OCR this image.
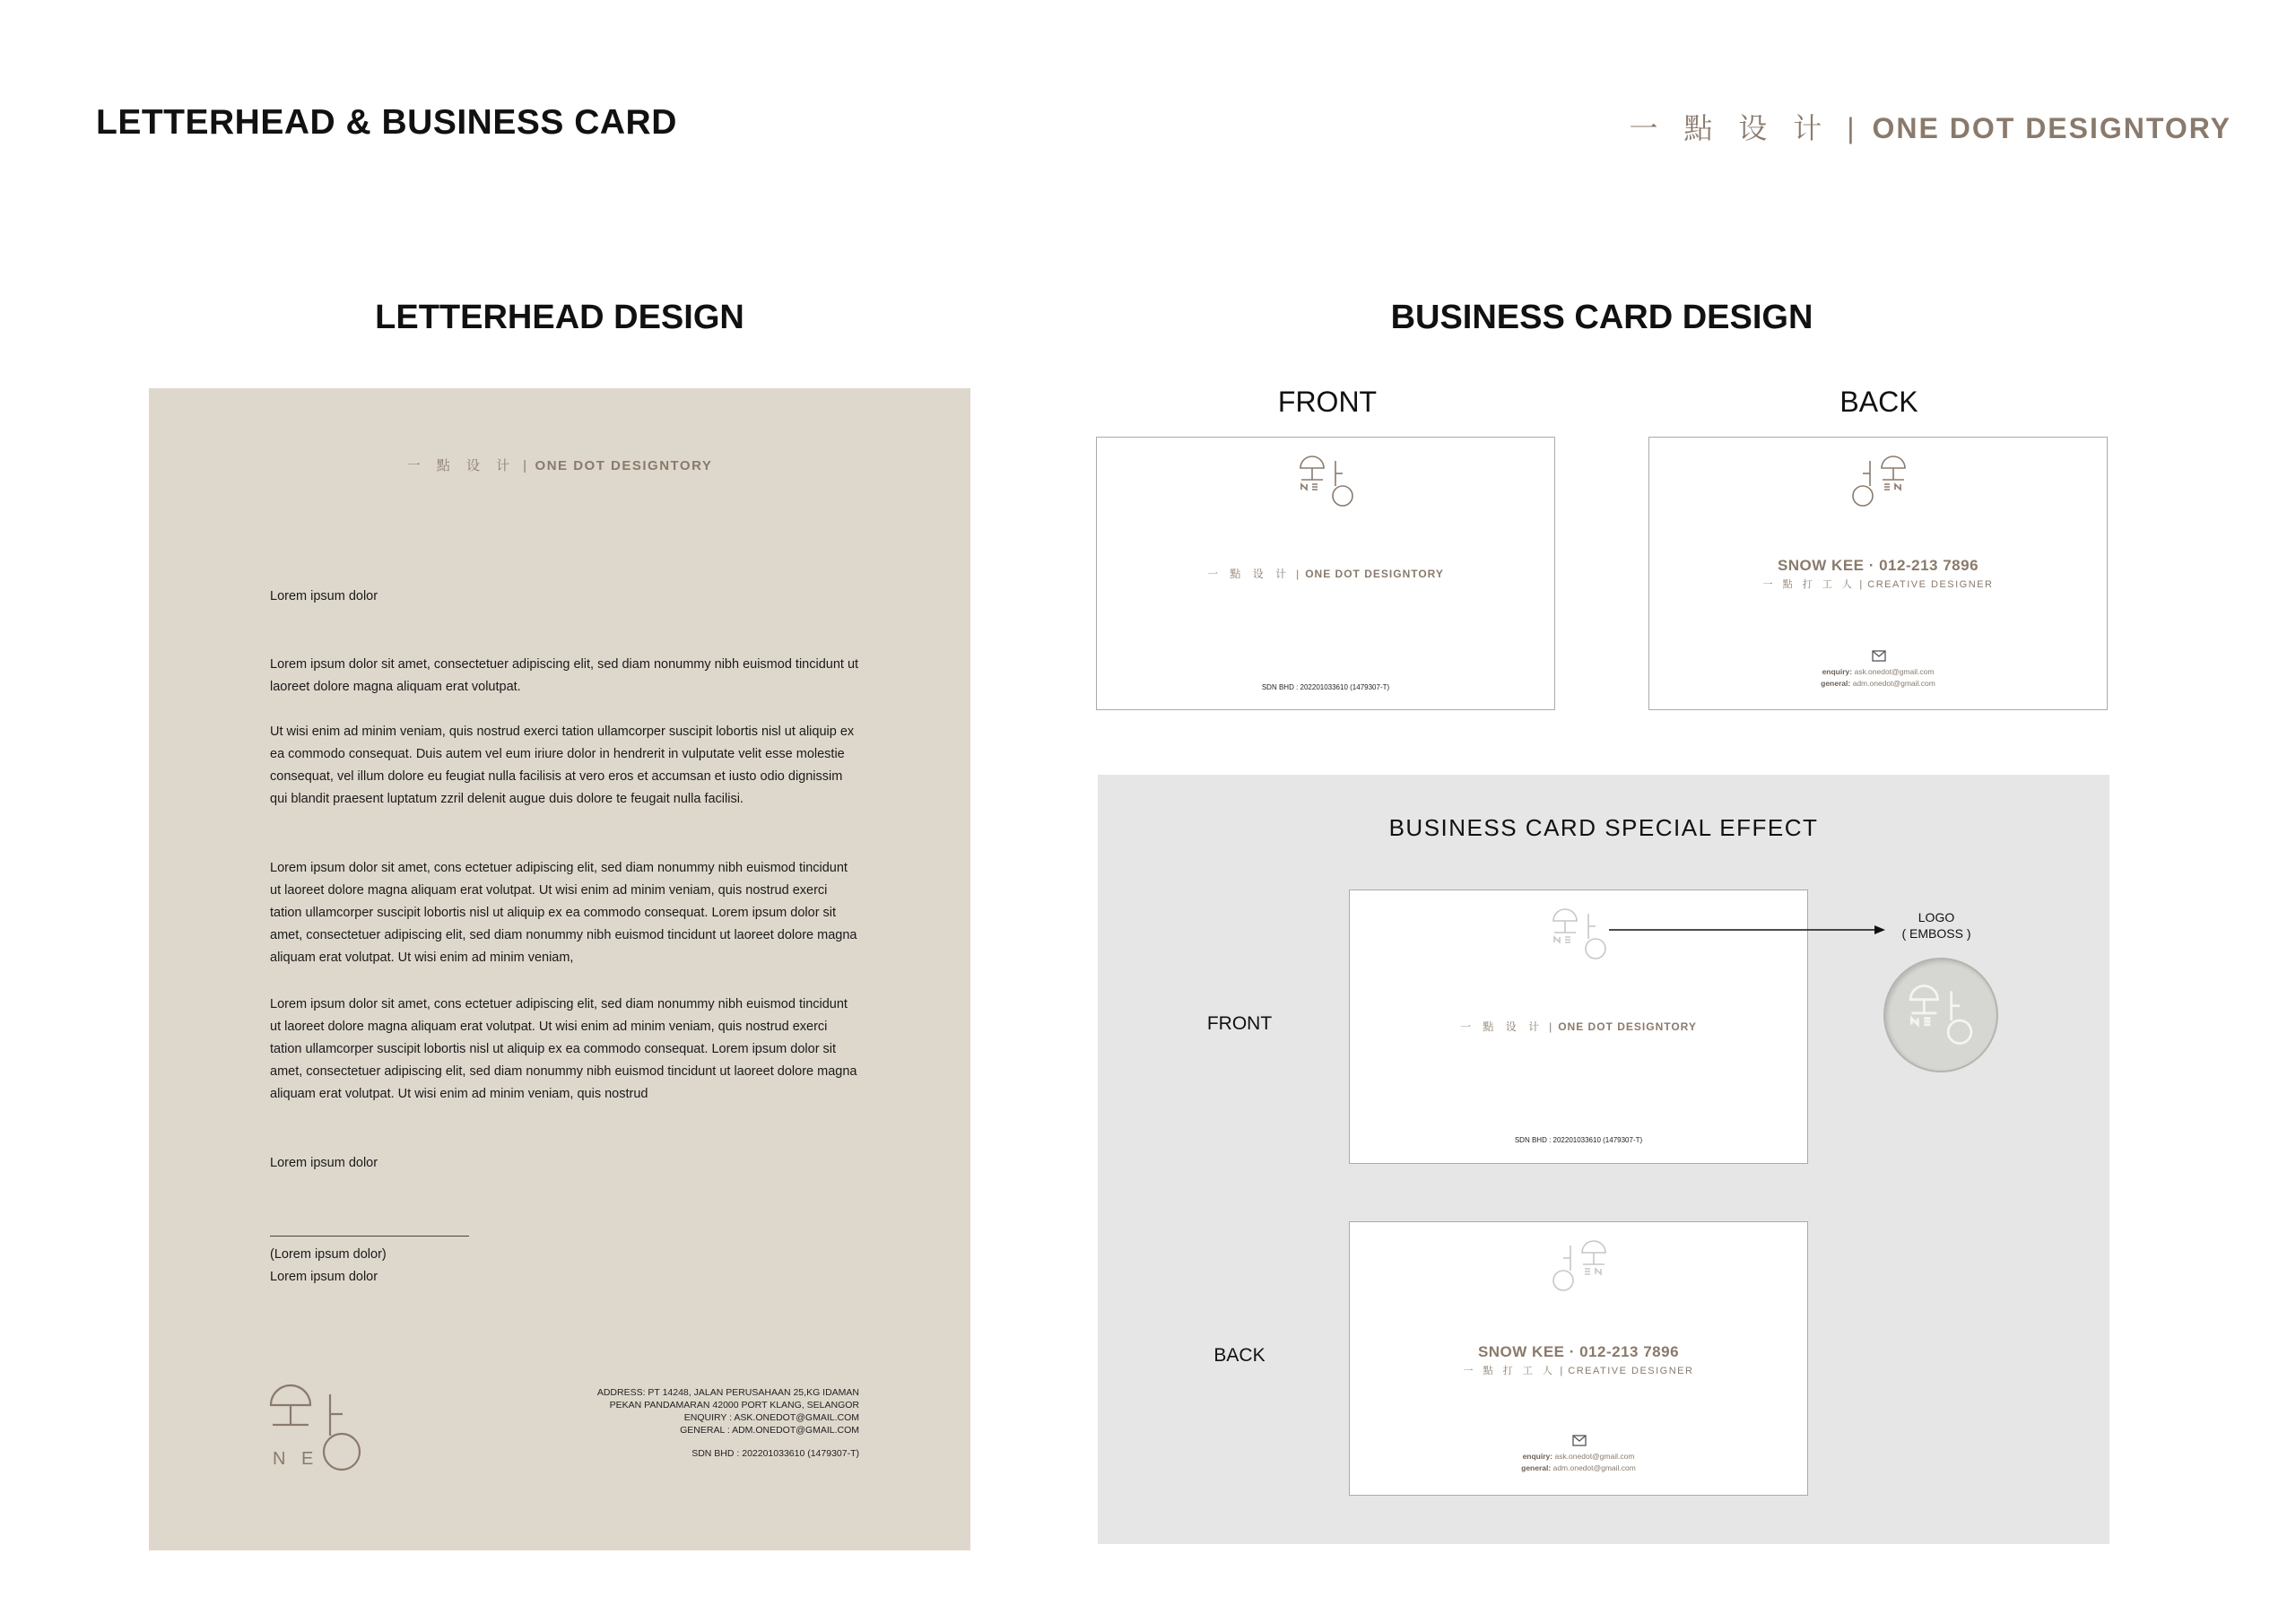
LETTERHEAD & BUSINESS CARD	一 點 设 计 | ONE DOT DESIGNTORY
LETTERHEAD DESIGN	BUSINESS CARD DESIGN
一 點 设 计 | ONE DOT DESIGNTORY
Lorem ipsum dolor
Lorem ipsum dolor sit amet, consectetuer adipiscing elit, sed diam nonummy nibh euismod tincidunt ut laoreet dolore magna aliquam erat volutpat.
Ut wisi enim ad minim veniam, quis nostrud exerci tation ullamcorper suscipit lobortis nisl ut aliquip ex ea commodo consequat. Duis autem vel eum iriure dolor in hendrerit in vulputate velit esse molestie consequat, vel illum dolore eu feugiat nulla facilisis at vero eros et accumsan et iusto odio dignissim qui blandit praesent luptatum zzril delenit augue duis dolore te feugait nulla facilisi.
Lorem ipsum dolor sit amet, cons ectetuer adipiscing elit, sed diam nonummy nibh euismod tincidunt ut laoreet dolore magna aliquam erat volutpat. Ut wisi enim ad minim veniam, quis nostrud exerci tation ullamcorper suscipit lobortis nisl ut aliquip ex ea commodo consequat. Lorem ipsum dolor sit amet, consectetuer adipiscing elit, sed diam nonummy nibh euismod tincidunt ut laoreet dolore magna aliquam erat volutpat. Ut wisi enim ad minim veniam,
Lorem ipsum dolor sit amet, cons ectetuer adipiscing elit, sed diam nonummy nibh euismod tincidunt ut laoreet dolore magna aliquam erat volutpat. Ut wisi enim ad minim veniam, quis nostrud exerci tation ullamcorper suscipit lobortis nisl ut aliquip ex ea commodo consequat. Lorem ipsum dolor sit amet, consectetuer adipiscing elit, sed diam nonummy nibh euismod tincidunt ut laoreet dolore magna aliquam erat volutpat. Ut wisi enim ad minim veniam, quis nostrud
Lorem ipsum dolor
(Lorem ipsum dolor)
Lorem ipsum dolor
N E
ADDRESS: PT 14248, JALAN PERUSAHAAN 25,KG IDAMAN
PEKAN PANDAMARAN 42000 PORT KLANG, SELANGOR
ENQUIRY : ASK.ONEDOT@GMAIL.COM
GENERAL : ADM.ONEDOT@GMAIL.COM
SDN BHD : 202201033610 (1479307-T)
FRONT	BACK
一 點 设 计 | ONE DOT DESIGNTORY
SDN BHD : 202201033610 (1479307-T)
SNOW KEE · 012-213 7896
一 點 打 工 人 | CREATIVE DESIGNER
enquiry: ask.onedot@gmail.com
general: adm.onedot@gmail.com
BUSINESS CARD SPECIAL EFFECT
FRONT
BACK
一 點 设 计 | ONE DOT DESIGNTORY
SDN BHD : 202201033610 (1479307-T)
LOGO
( EMBOSS )
SNOW KEE · 012-213 7896
一 點 打 工 人 | CREATIVE DESIGNER
enquiry: ask.onedot@gmail.com
general: adm.onedot@gmail.com
